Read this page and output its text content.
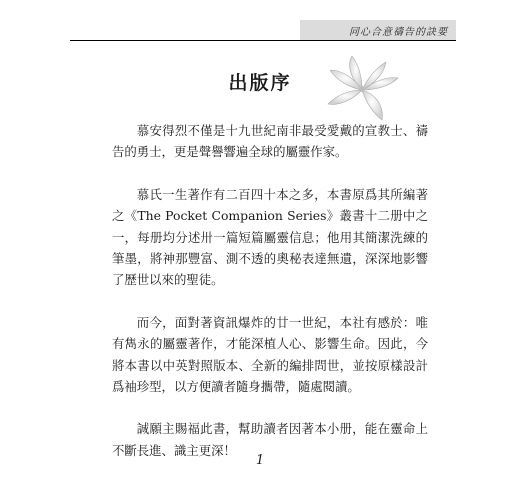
同心合意禱告的訣要
出版序

慕安得烈不僅是十九世紀南非最受愛戴的宣教士、禱告的勇士，更是聲譽響遍全球的屬靈作家。

慕氏一生著作有二百四十本之多，本書原爲其所編著之《The Pocket Companion Series》叢書十二册中之一，每册均分述卅一篇短篇屬靈信息；他用其簡潔洗練的筆墨，將神那豐富、測不透的奧秘表達無遺，深深地影響了歷世以來的聖徒。

而今，面對著資訊爆炸的廿一世紀，本社有感於：唯有雋永的屬靈著作，才能深植人心、影響生命。因此，今將本書以中英對照版本、全新的編排問世，並按原樣設計爲袖珍型，以方便讀者隨身攜帶，隨處閱讀。

誠願主賜福此書，幫助讀者因著本小册，能在靈命上不斷長進、識主更深！

1
